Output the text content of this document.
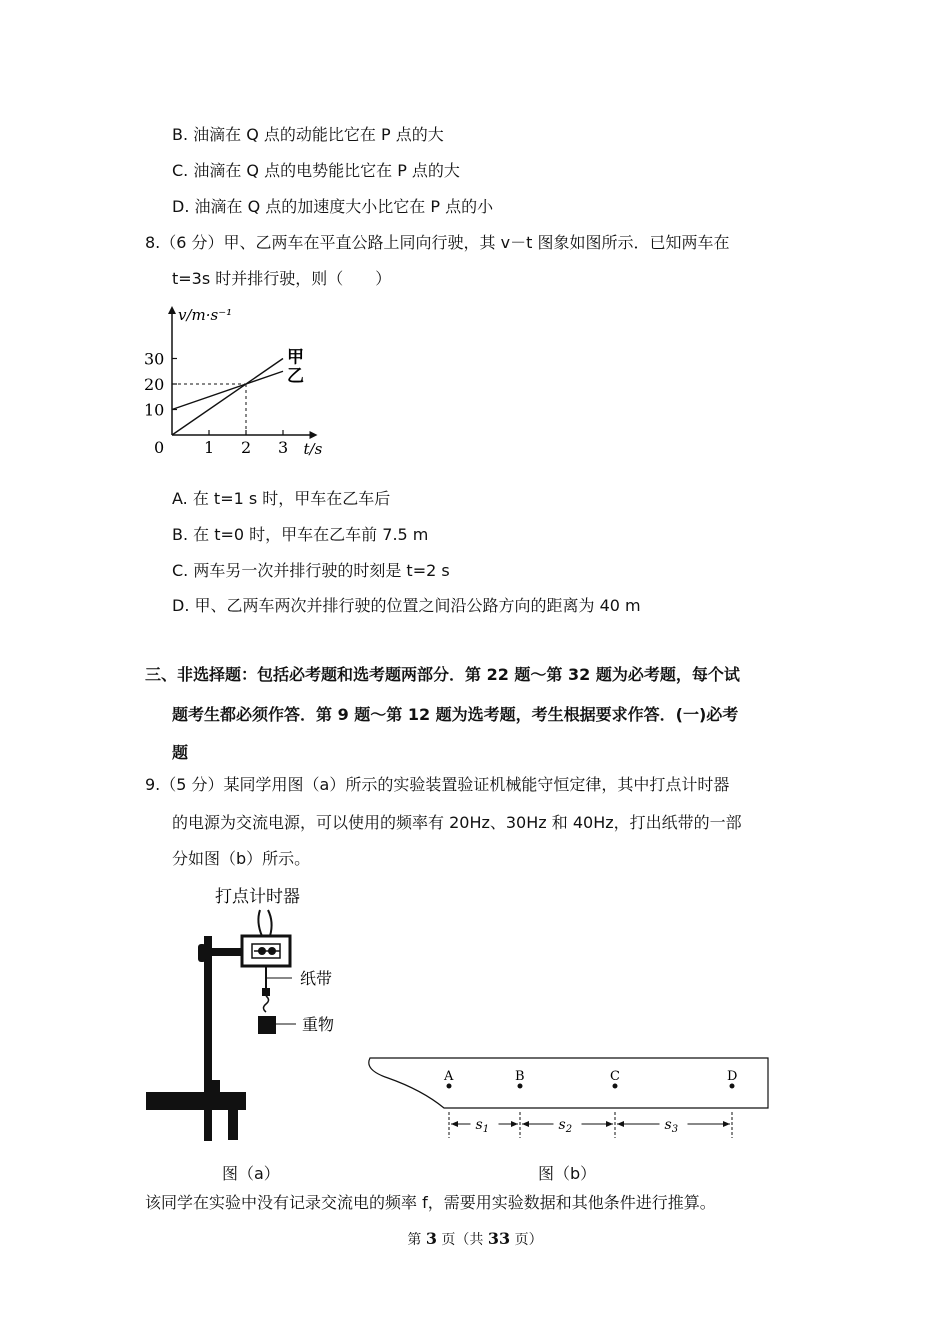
B. 油滴在 Q 点的动能比它在 P 点的大
C. 油滴在 Q 点的电势能比它在 P 点的大
D. 油滴在 Q 点的加速度大小比它在 P 点的小
8.（6 分）甲、乙两车在平直公路上同向行驶，其 v－t 图象如图所示．已知两车在
t=3s 时并排行驶，则（　　）
v/m·s⁻¹
t/s
0 1 2 3
10
20
30	甲
乙
A. 在 t=1 s 时，甲车在乙车后
B. 在 t=0 时，甲车在乙车前 7.5 m
C. 两车另一次并排行驶的时刻是 t=2 s
D. 甲、乙两车两次并排行驶的位置之间沿公路方向的距离为 40 m
三、非选择题：包括必考题和选考题两部分．第 22 题～第 32 题为必考题，每个试
题考生都必须作答．第 9 题～第 12 题为选考题，考生根据要求作答．(一)必考
题
9.（5 分）某同学用图（a）所示的实验装置验证机械能守恒定律，其中打点计时器
的电源为交流电源，可以使用的频率有 20Hz、30Hz 和 40Hz，打出纸带的一部
分如图（b）所示。
打点计时器
纸带
重物
A	B	C	D
$s_1$	$s_2$	$s_3$
图（a）	图（b）
该同学在实验中没有记录交流电的频率 f，需要用实验数据和其他条件进行推算。
第 3 页（共 33 页）
